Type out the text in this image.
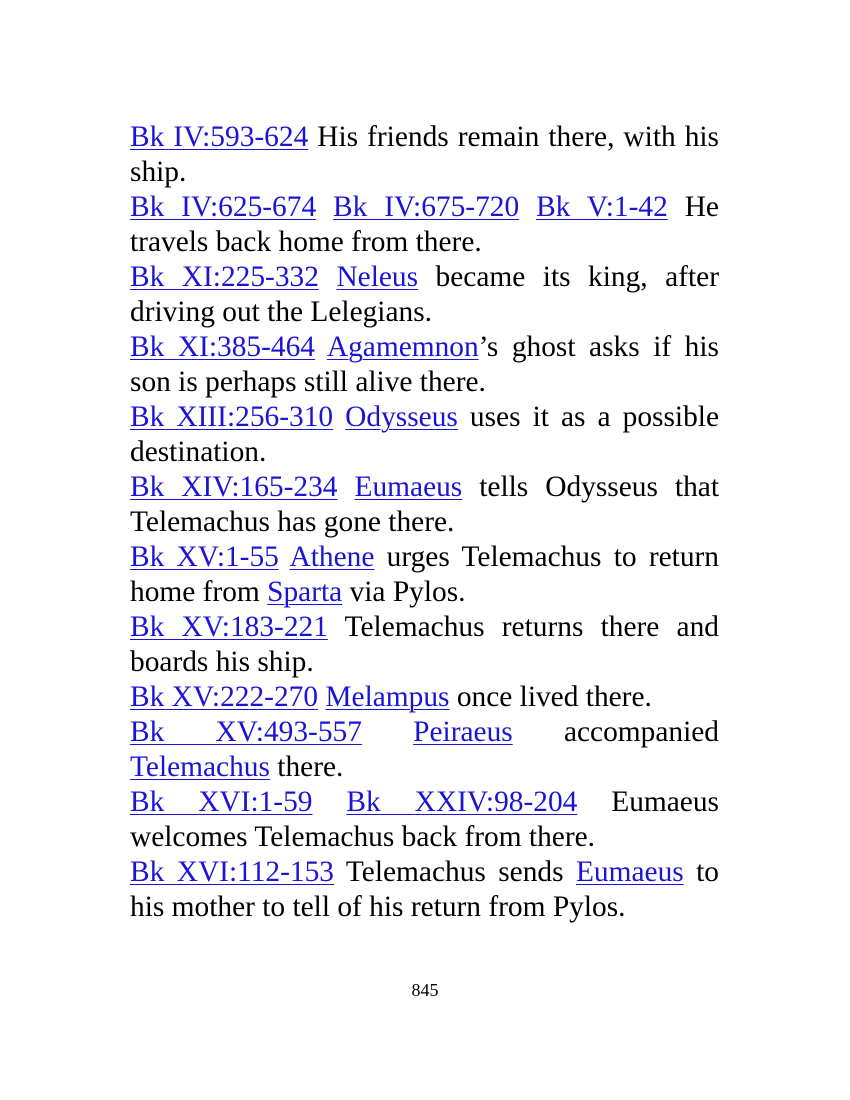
Bk IV:593-624 His friends remain there, with his ship.

Bk IV:625-674 Bk IV:675-720 Bk V:1-42 He travels back home from there.

Bk XI:225-332 Neleus became its king, after driving out the Lelegians.

Bk XI:385-464 Agamemnon’s ghost asks if his son is perhaps still alive there.

Bk XIII:256-310 Odysseus uses it as a possible destination.

Bk XIV:165-234 Eumaeus tells Odysseus that Telemachus has gone there.

Bk XV:1-55 Athene urges Telemachus to return home from Sparta via Pylos.

Bk XV:183-221 Telemachus returns there and boards his ship.

Bk XV:222-270 Melampus once lived there.

Bk XV:493-557 Peiraeus accompanied Telemachus there.

Bk XVI:1-59 Bk XXIV:98-204 Eumaeus welcomes Telemachus back from there.

Bk XVI:112-153 Telemachus sends Eumaeus to his mother to tell of his return from Pylos.

845
